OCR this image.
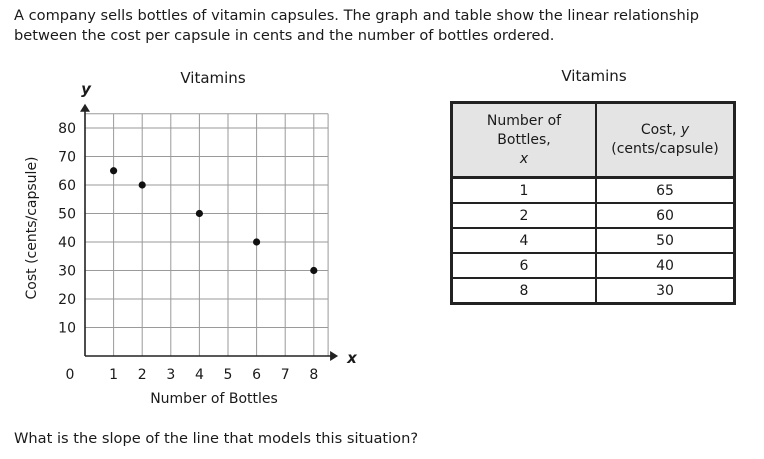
A company sells bottles of vitamin capsules. The graph and table show the linear relationship between the cost per capsule in cents and the number of bottles ordered.

1 2 3 4 5 6 7 8
10
20
30
40
50
60
70
80
Vitamins
Number of Bottles
Cost (cents/capsule)
y
x
0
Vitamins
Number of Bottles,
x	Cost, y
(cents/capsule)
1	65
2	60
4	50
6	40
8	30

What is the slope of the line that models this situation?
